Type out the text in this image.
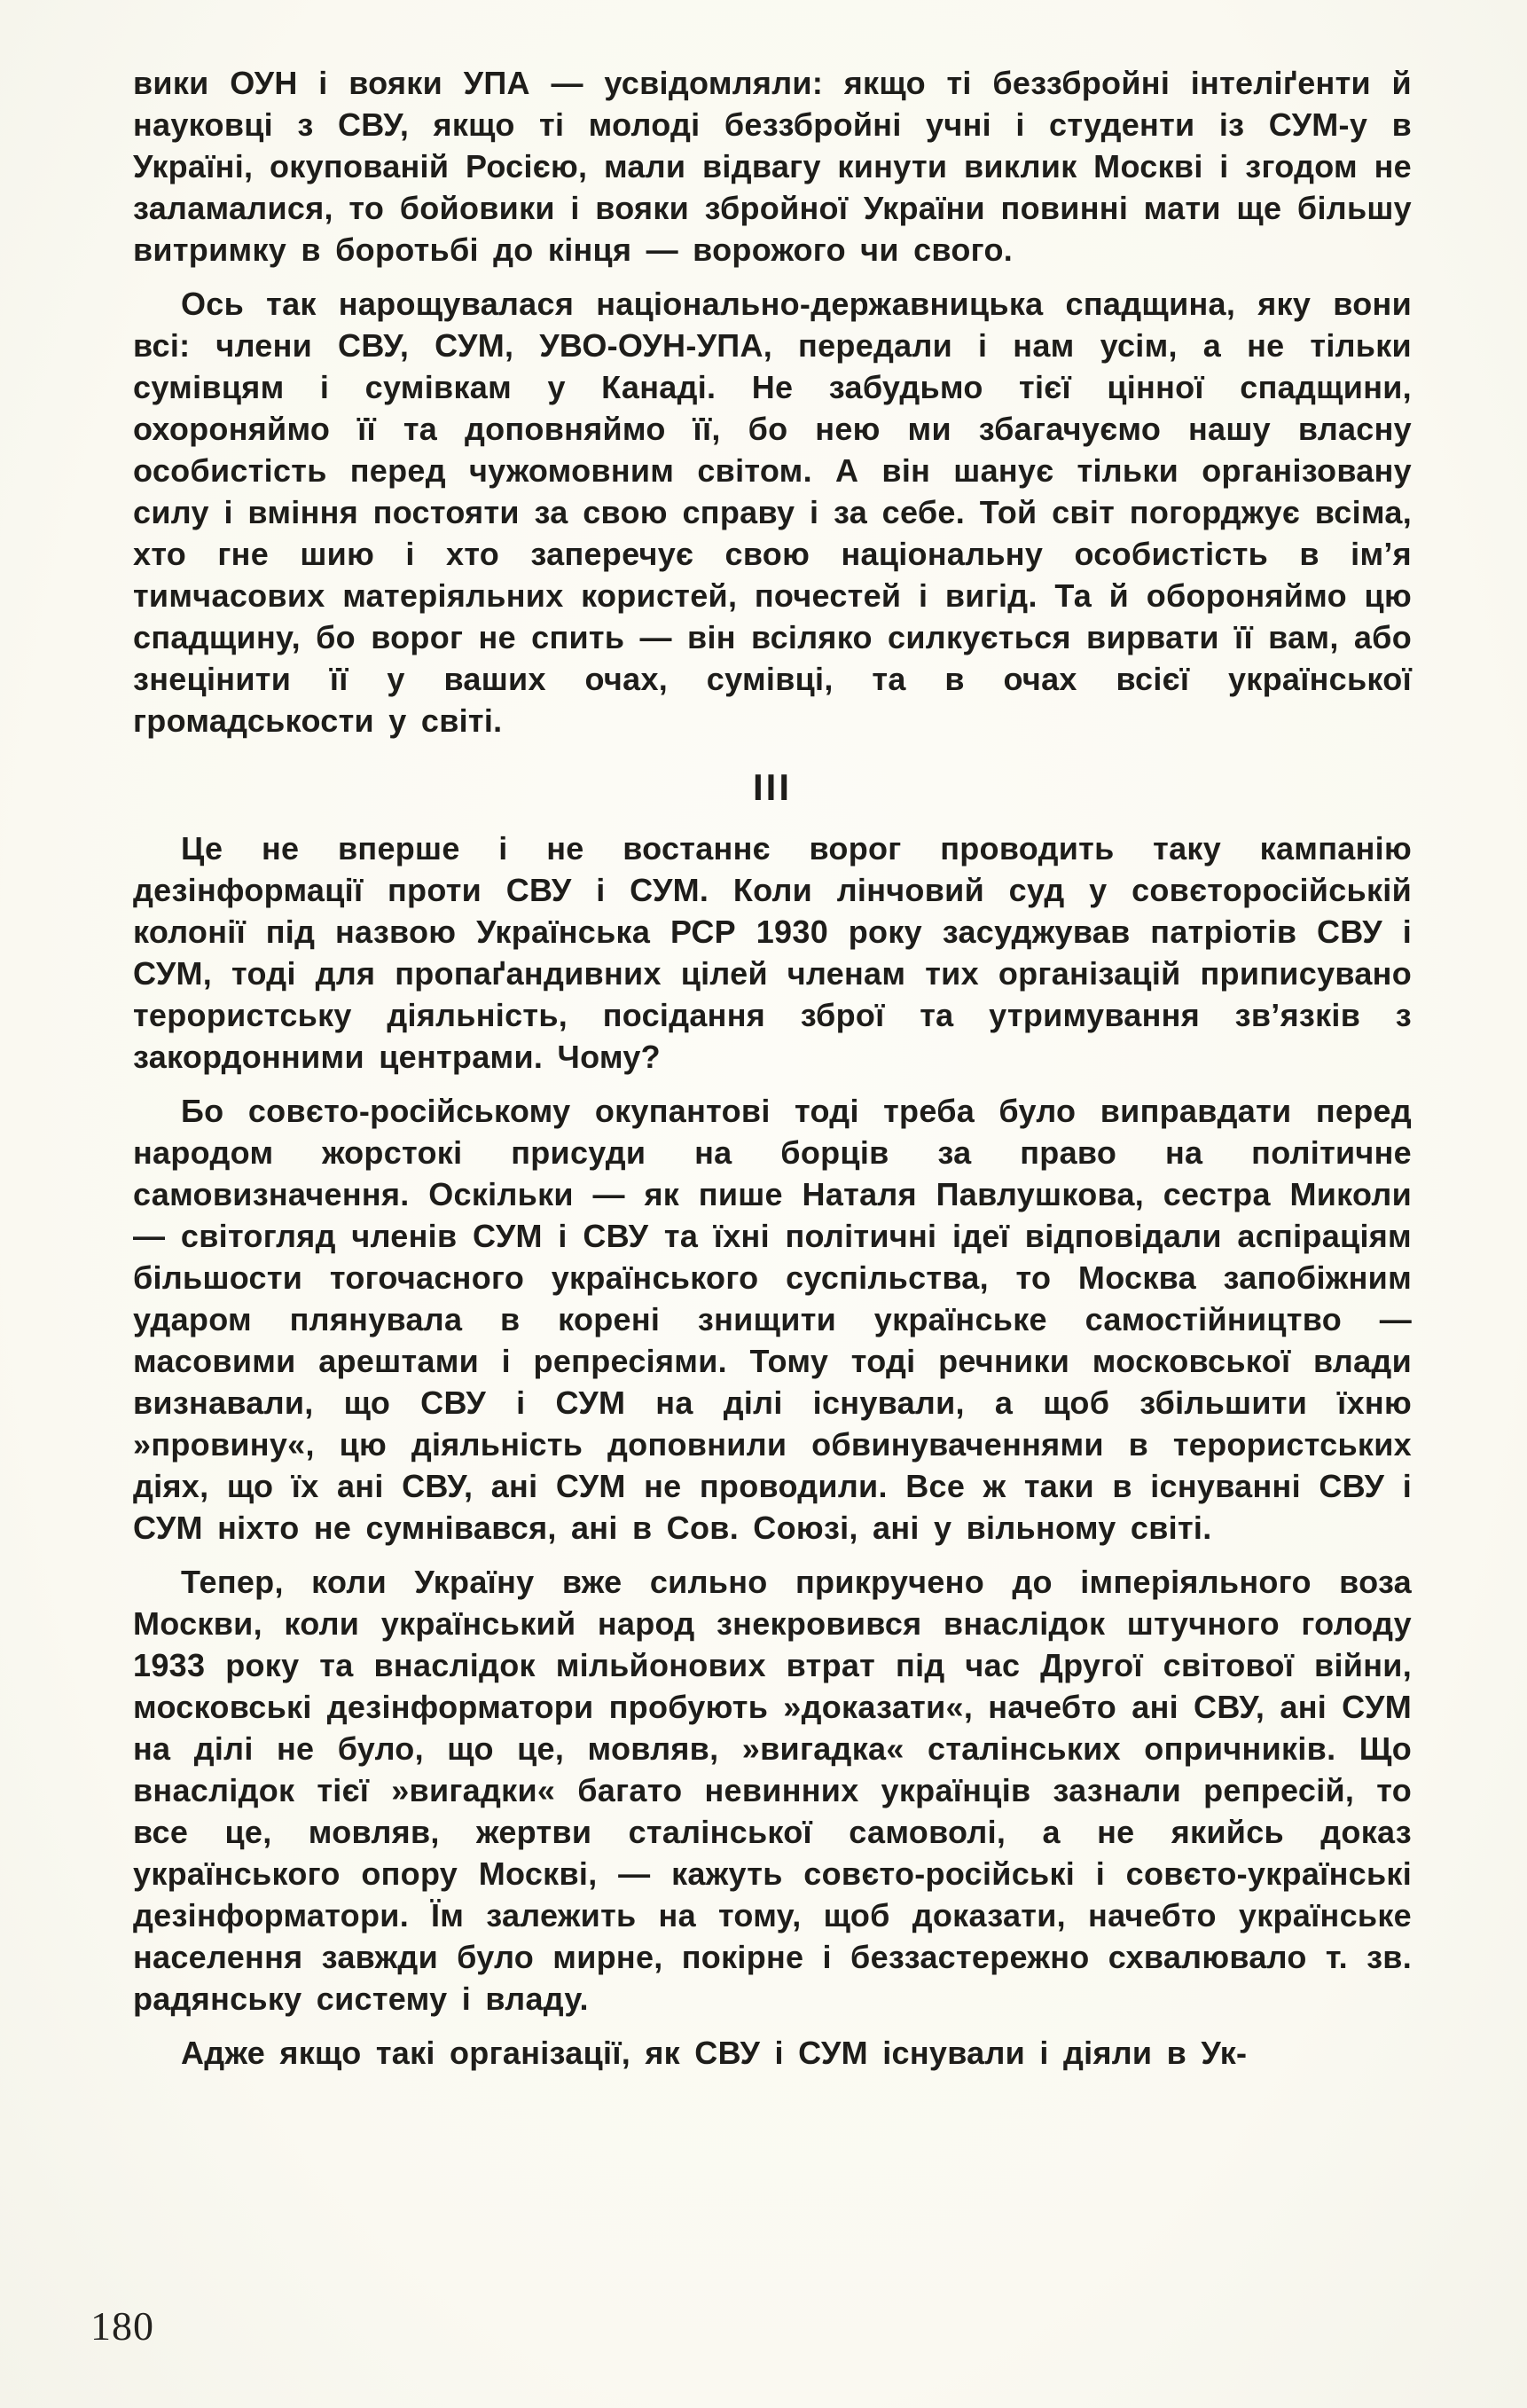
вики ОУН і вояки УПА — усвідомляли: якщо ті беззбройні інтеліґенти й науковці з СВУ, якщо ті молоді беззбройні учні і студенти із СУМ-у в Україні, окупованій Росією, мали відвагу кинути виклик Москві і згодом не заламалися, то бойовики і вояки збройної України повинні мати ще більшу витримку в боротьбі до кінця — ворожого чи свого.

Ось так нарощувалася національно-державницька спадщина, яку вони всі: члени СВУ, СУМ, УВО-ОУН-УПА, передали і нам усім, а не тільки сумівцям і сумівкам у Канаді. Не забудьмо тієї цінної спадщини, охороняймо її та доповняймо її, бо нею ми збагачуємо нашу власну особистість перед чужомовним світом. А він шанує тільки організовану силу і вміння постояти за свою справу і за себе. Той світ погорджує всіма, хто гне шию і хто заперечує свою національну особистість в ім’я тимчасових матеріяльних користей, почестей і вигід. Та й обороняймо цю спадщину, бо ворог не спить — він всіляко силкується вирвати її вам, або знецінити її у ваших очах, сумівці, та в очах всієї української громадськости у світі.

III

Це не вперше і не востаннє ворог проводить таку кампанію дезінформації проти СВУ і СУМ. Коли лінчовий суд у совєторосійській колонії під назвою Українська РСР 1930 року засуджував патріотів СВУ і СУМ, тоді для пропаґандивних цілей членам тих організацій приписувано терористську діяльність, посідання зброї та утримування зв’язків з закордонними центрами. Чому?

Бо совєто-російському окупантові тоді треба було виправдати перед народом жорстокі присуди на борців за право на політичне самовизначення. Оскільки — як пише Наталя Павлушкова, сестра Миколи — світогляд членів СУМ і СВУ та їхні політичні ідеї відповідали аспіраціям більшости тогочасного українського суспільства, то Москва запобіжним ударом плянувала в корені знищити українське самостійництво — масовими арештами і репресіями. Тому тоді речники московської влади визнавали, що СВУ і СУМ на ділі існували, а щоб збільшити їхню »провину«, цю діяльність доповнили обвинуваченнями в терористських діях, що їх ані СВУ, ані СУМ не проводили. Все ж таки в існуванні СВУ і СУМ ніхто не сумнівався, ані в Сов. Союзі, ані у вільному світі.

Тепер, коли Україну вже сильно прикручено до імперіяльного воза Москви, коли український народ знекровився внаслідок штучного голоду 1933 року та внаслідок мільйонових втрат під час Другої світової війни, московські дезінформатори пробують »доказати«, начебто ані СВУ, ані СУМ на ділі не було, що це, мовляв, »вигадка« сталінських опричників. Що внаслідок тієї »вигадки« багато невинних українців зазнали репресій, то все це, мовляв, жертви сталінської самоволі, а не якийсь доказ українського опору Москві, — кажуть совєто-російські і совєто-українські дезінформатори. Їм залежить на тому, щоб доказати, начебто українське населення завжди було мирне, покірне і беззастережно схвалювало т. зв. радянську систему і владу.

Адже якщо такі організації, як СВУ і СУМ існували і діяли в Ук-

180
